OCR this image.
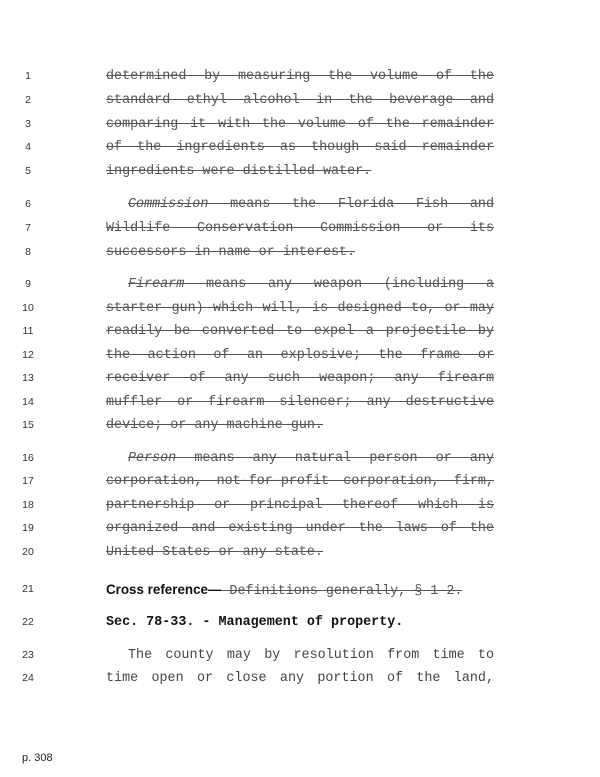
1
2
3
4
5
6
7
8
9
10
11
12
13
14
15
16
17
18
19
20
21
22
23
24
determined by measuring the volume of the
standard ethyl alcohol in the beverage and
comparing it with the volume of the remainder
of the ingredients as though said remainder
ingredients were distilled water.
Commission means the Florida Fish and
Wildlife Conservation Commission or its
successors in name or interest.
Firearm means any weapon (including a
starter gun) which will, is designed to, or may
readily be converted to expel a projectile by
the action of an explosive; the frame or
receiver of any such weapon; any firearm
muffler or firearm silencer; any destructive
device; or any machine gun.
Person means any natural person or any
corporation, not-for-profit corporation, firm,
partnership or principal thereof which is
organized and existing under the laws of the
United States or any state.
Cross reference— Definitions generally, § 1-2.
Sec. 78-33. - Management of property.
The county may by resolution from time to
time open or close any portion of the land,
p. 308
